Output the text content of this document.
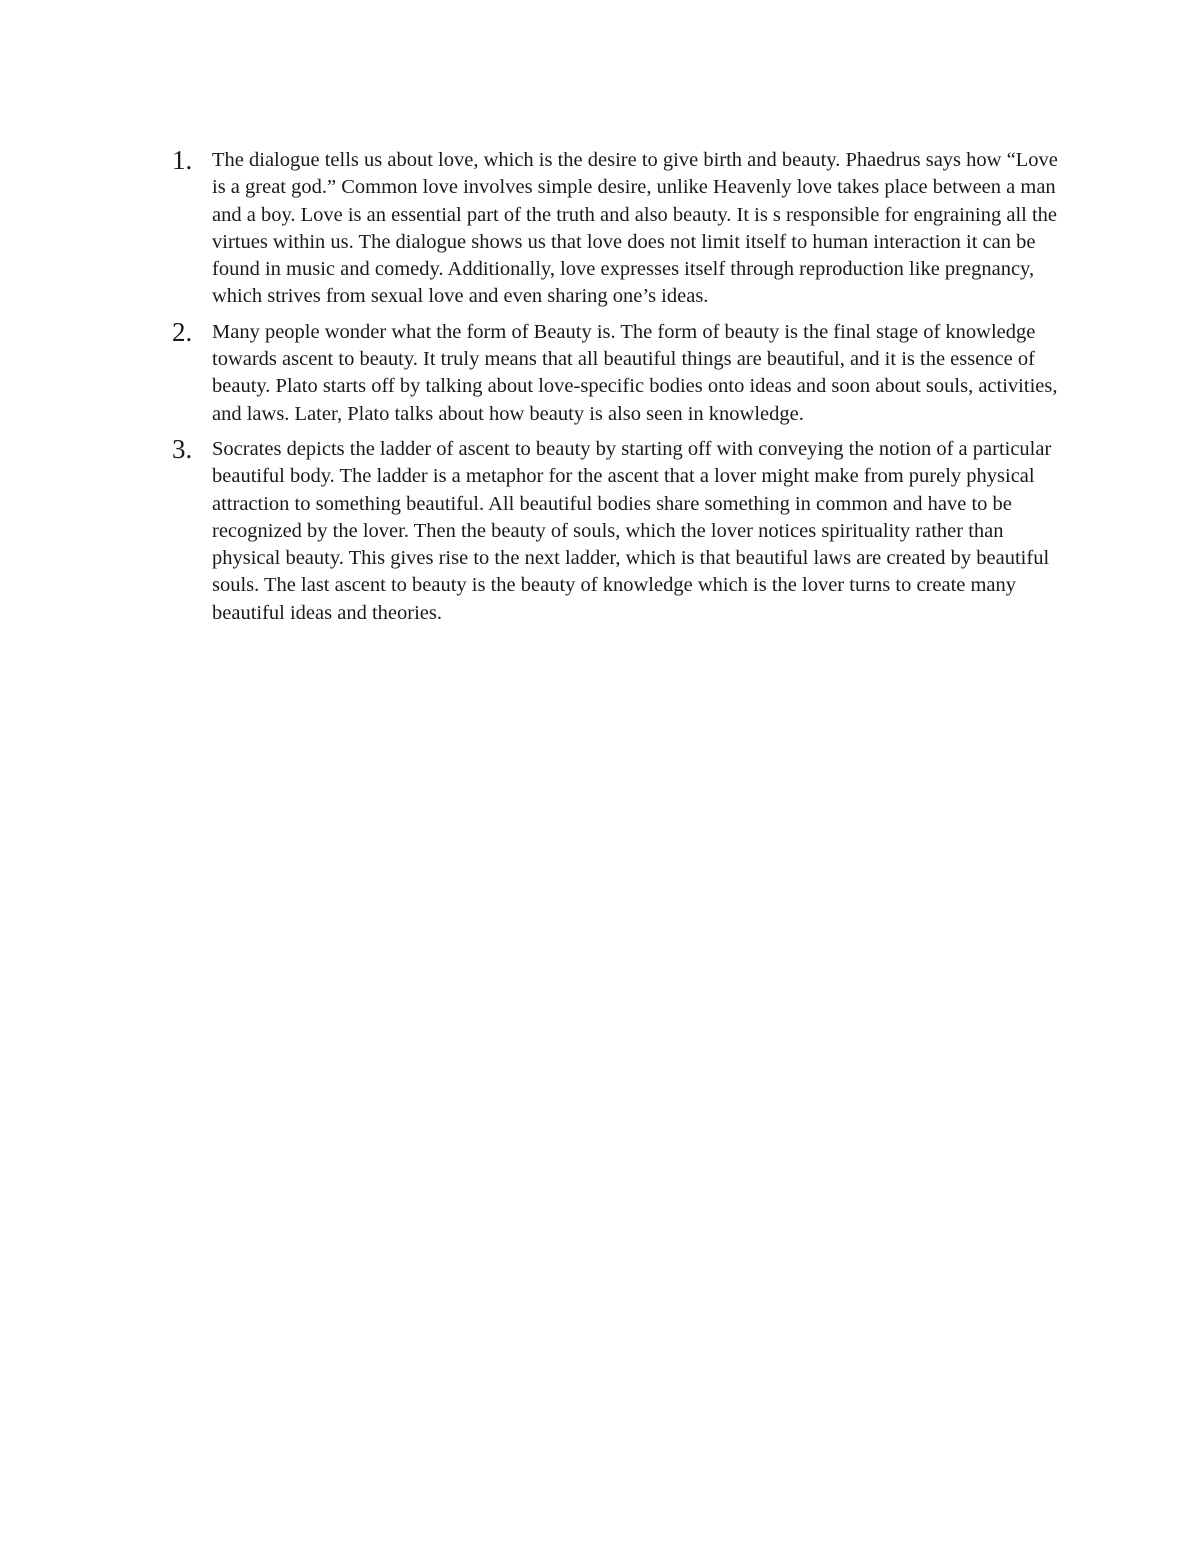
1. The dialogue tells us about love, which is the desire to give birth and beauty. Phaedrus says how “Love is a great god.” Common love involves simple desire, unlike Heavenly love takes place between a man and a boy. Love is an essential part of the truth and also beauty. It is s responsible for engraining all the virtues within us. The dialogue shows us that love does not limit itself to human interaction it can be found in music and comedy. Additionally, love expresses itself through reproduction like pregnancy, which strives from sexual love and even sharing one’s ideas.

2. Many people wonder what the form of Beauty is. The form of beauty is the final stage of knowledge towards ascent to beauty. It truly means that all beautiful things are beautiful, and it is the essence of beauty. Plato starts off by talking about love-specific bodies onto ideas and soon about souls, activities, and laws. Later, Plato talks about how beauty is also seen in knowledge.

3. Socrates depicts the ladder of ascent to beauty by starting off with conveying the notion of a particular beautiful body. The ladder is a metaphor for the ascent that a lover might make from purely physical attraction to something beautiful. All beautiful bodies share something in common and have to be recognized by the lover. Then the beauty of souls, which the lover notices spirituality rather than physical beauty. This gives rise to the next ladder, which is that beautiful laws are created by beautiful souls. The last ascent to beauty is the beauty of knowledge which is the lover turns to create many beautiful ideas and theories.
